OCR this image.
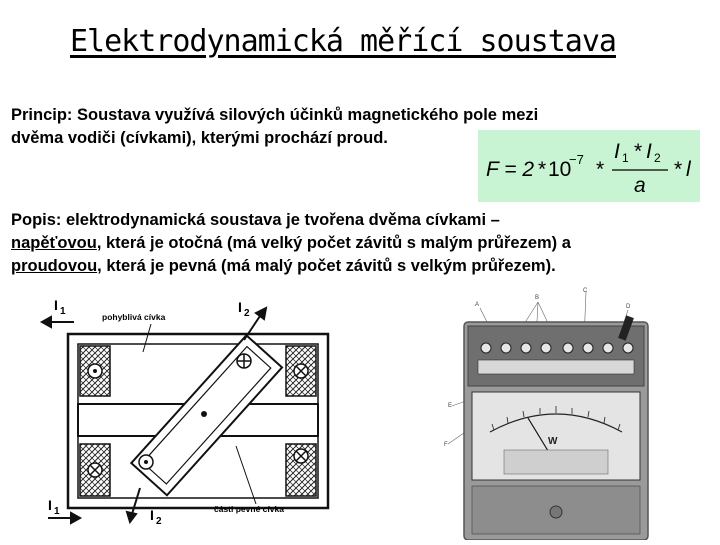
Elektrodynamická měřící soustava
Princip: Soustava využívá silových účinků magnetického pole mezi
dvěma vodiči (cívkami), kterými prochází proud.
F = 2 * 10
−7 *
I 1 * I 2
a
* l
Popis: elektrodynamická soustava je tvořena dvěma cívkami –
napěťovou, která je otočná (má velký počet závitů s malým průřezem) a
proudovou, která je pevná (má malý počet závitů s velkým průřezem).
I 1	I 2
I 1	I 2
pohyblivá cívka
části pevné cívka
A
B
C
D
E
F	W
